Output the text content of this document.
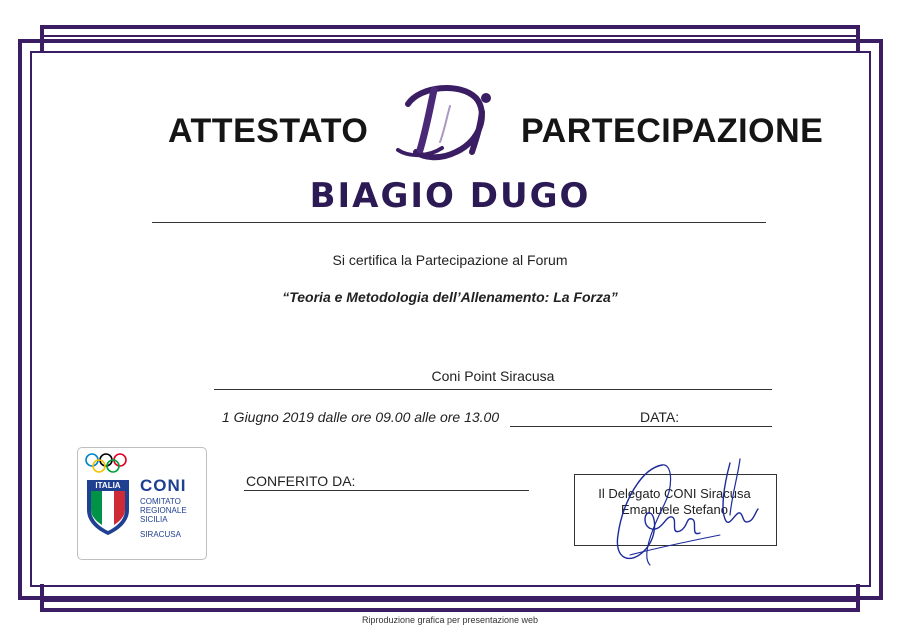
ATTESTATO	PARTECIPAZIONE
BIAGIO DUGO
Si certifica la Partecipazione al Forum
“Teoria e Metodologia dell’Allenamento: La Forza”
Coni Point Siracusa
1 Giugno 2019 dalle ore 09.00 alle ore 13.00	DATA:
CONFERITO DA:
ITALIA	CONI
COMITATO
REGIONALE
SICILIA
SIRACUSA
Il Delegato CONI Siracusa
Emanuele Stefano
Riproduzione grafica per presentazione web
